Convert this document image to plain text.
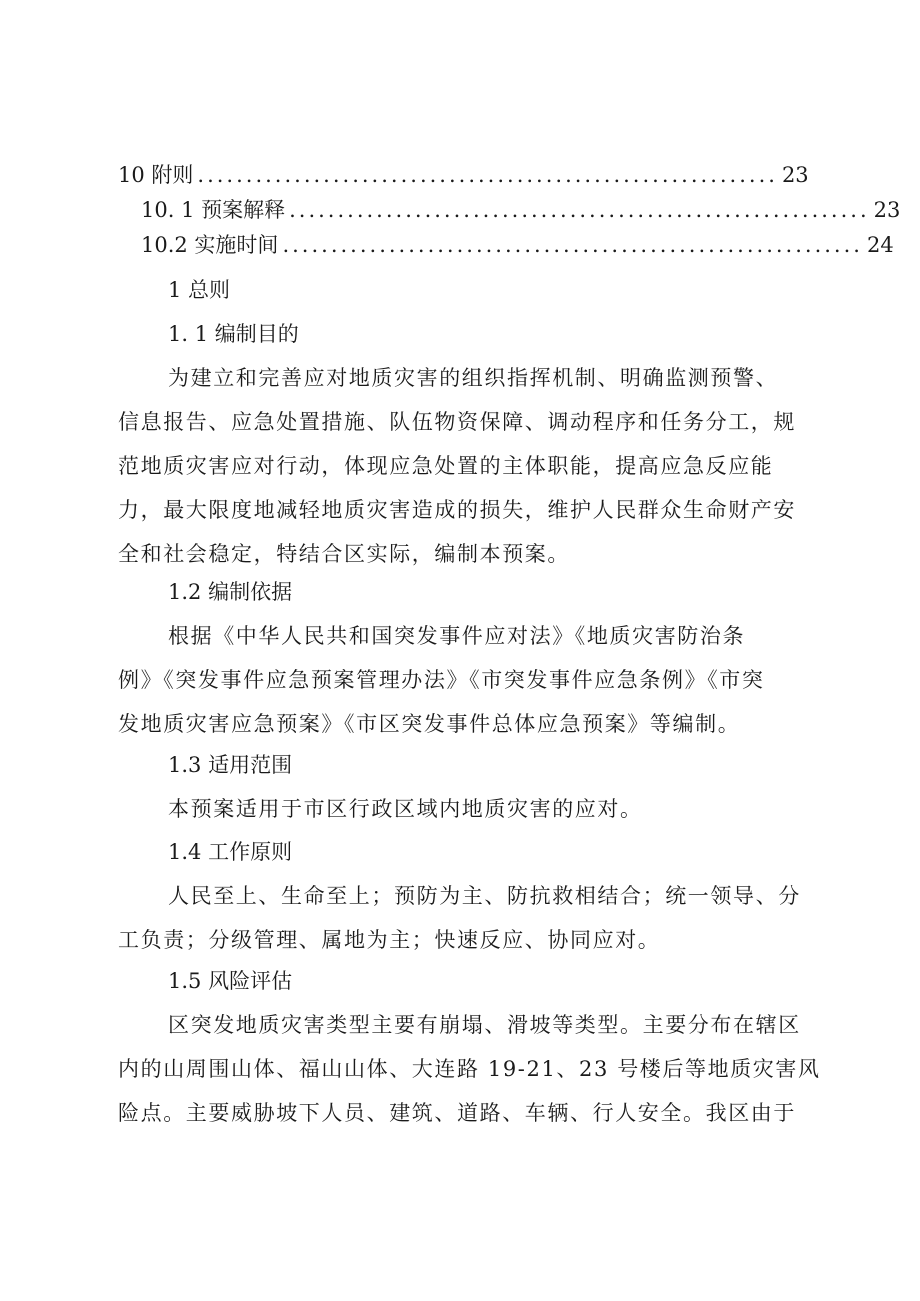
10 附则 ............................................................ 23
10. 1 预案解释 ............................................................ 23
10.2 实施时间 ............................................................ 24
1 总则
1. 1 编制目的
为建立和完善应对地质灾害的组织指挥机制、明确监测预警、
信息报告、应急处置措施、队伍物资保障、调动程序和任务分工，规
范地质灾害应对行动，体现应急处置的主体职能，提高应急反应能
力，最大限度地减轻地质灾害造成的损失，维护人民群众生命财产安
全和社会稳定，特结合区实际，编制本预案。
1.2 编制依据
根据《中华人民共和国突发事件应对法》《地质灾害防治条
例》《突发事件应急预案管理办法》《市突发事件应急条例》《市突
发地质灾害应急预案》《市区突发事件总体应急预案》等编制。
1.3 适用范围
本预案适用于市区行政区域内地质灾害的应对。
1.4 工作原则
人民至上、生命至上；预防为主、防抗救相结合；统一领导、分
工负责；分级管理、属地为主；快速反应、协同应对。
1.5 风险评估
区突发地质灾害类型主要有崩塌、滑坡等类型。主要分布在辖区
内的山周围山体、福山山体、大连路 19-21、23 号楼后等地质灾害风
险点。主要威胁坡下人员、建筑、道路、车辆、行人安全。我区由于
